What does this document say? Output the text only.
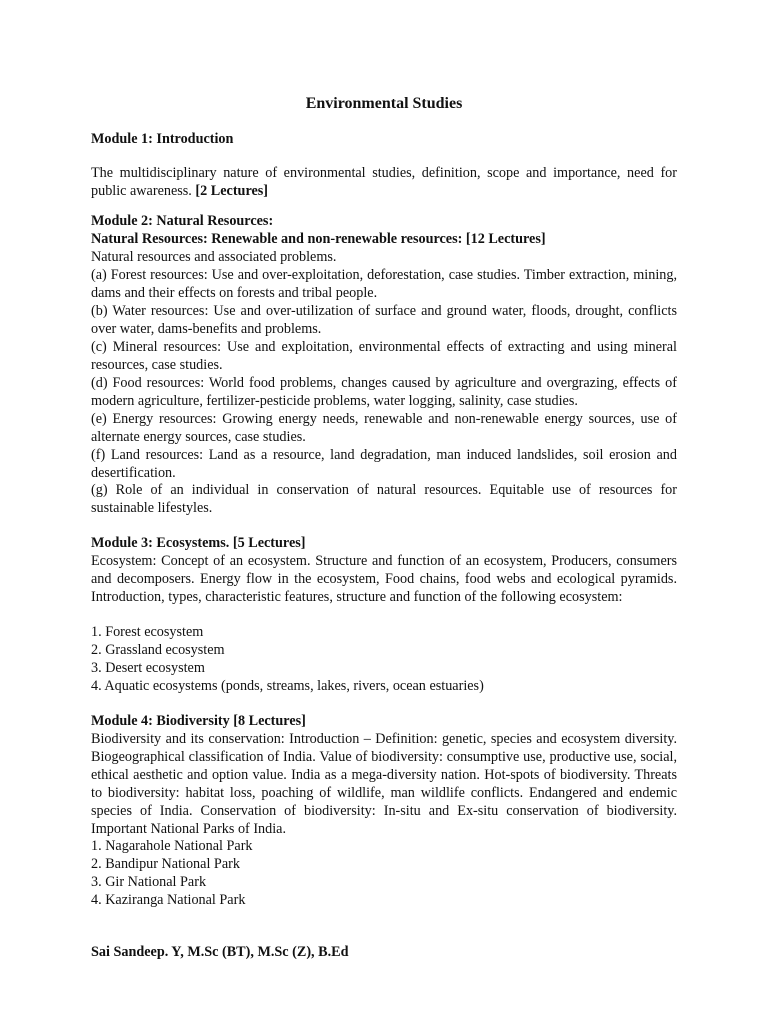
Environmental Studies

Module 1: Introduction

The multidisciplinary nature of environmental studies, definition, scope and importance, need for public awareness. [2 Lectures]

Module 2: Natural Resources:

Natural Resources: Renewable and non-renewable resources: [12 Lectures]

Natural resources and associated problems.

(a) Forest resources: Use and over-exploitation, deforestation, case studies. Timber extraction, mining, dams and their effects on forests and tribal people.

(b) Water resources: Use and over-utilization of surface and ground water, floods, drought, conflicts over water, dams-benefits and problems.

(c) Mineral resources: Use and exploitation, environmental effects of extracting and using mineral resources, case studies.

(d) Food resources: World food problems, changes caused by agriculture and overgrazing, effects of modern agriculture, fertilizer-pesticide problems, water logging, salinity, case studies.

(e) Energy resources: Growing energy needs, renewable and non-renewable energy sources, use of alternate energy sources, case studies.

(f) Land resources: Land as a resource, land degradation, man induced landslides, soil erosion and desertification.

(g) Role of an individual in conservation of natural resources. Equitable use of resources for sustainable lifestyles.

Module 3: Ecosystems. [5 Lectures]

Ecosystem: Concept of an ecosystem. Structure and function of an ecosystem, Producers, consumers and decomposers. Energy flow in the ecosystem, Food chains, food webs and ecological pyramids. Introduction, types, characteristic features, structure and function of the following ecosystem:

1. Forest ecosystem
2. Grassland ecosystem
3. Desert ecosystem
4. Aquatic ecosystems (ponds, streams, lakes, rivers, ocean estuaries)

Module 4: Biodiversity [8 Lectures]

Biodiversity and its conservation: Introduction – Definition: genetic, species and ecosystem diversity. Biogeographical classification of India. Value of biodiversity: consumptive use, productive use, social, ethical aesthetic and option value. India as a mega-diversity nation. Hot-spots of biodiversity. Threats to biodiversity: habitat loss, poaching of wildlife, man wildlife conflicts. Endangered and endemic species of India. Conservation of biodiversity: In-situ and Ex-situ conservation of biodiversity. Important National Parks of India.

1. Nagarahole National Park
2. Bandipur National Park
3. Gir National Park
4. Kaziranga National Park

Sai Sandeep. Y, M.Sc (BT), M.Sc (Z), B.Ed
